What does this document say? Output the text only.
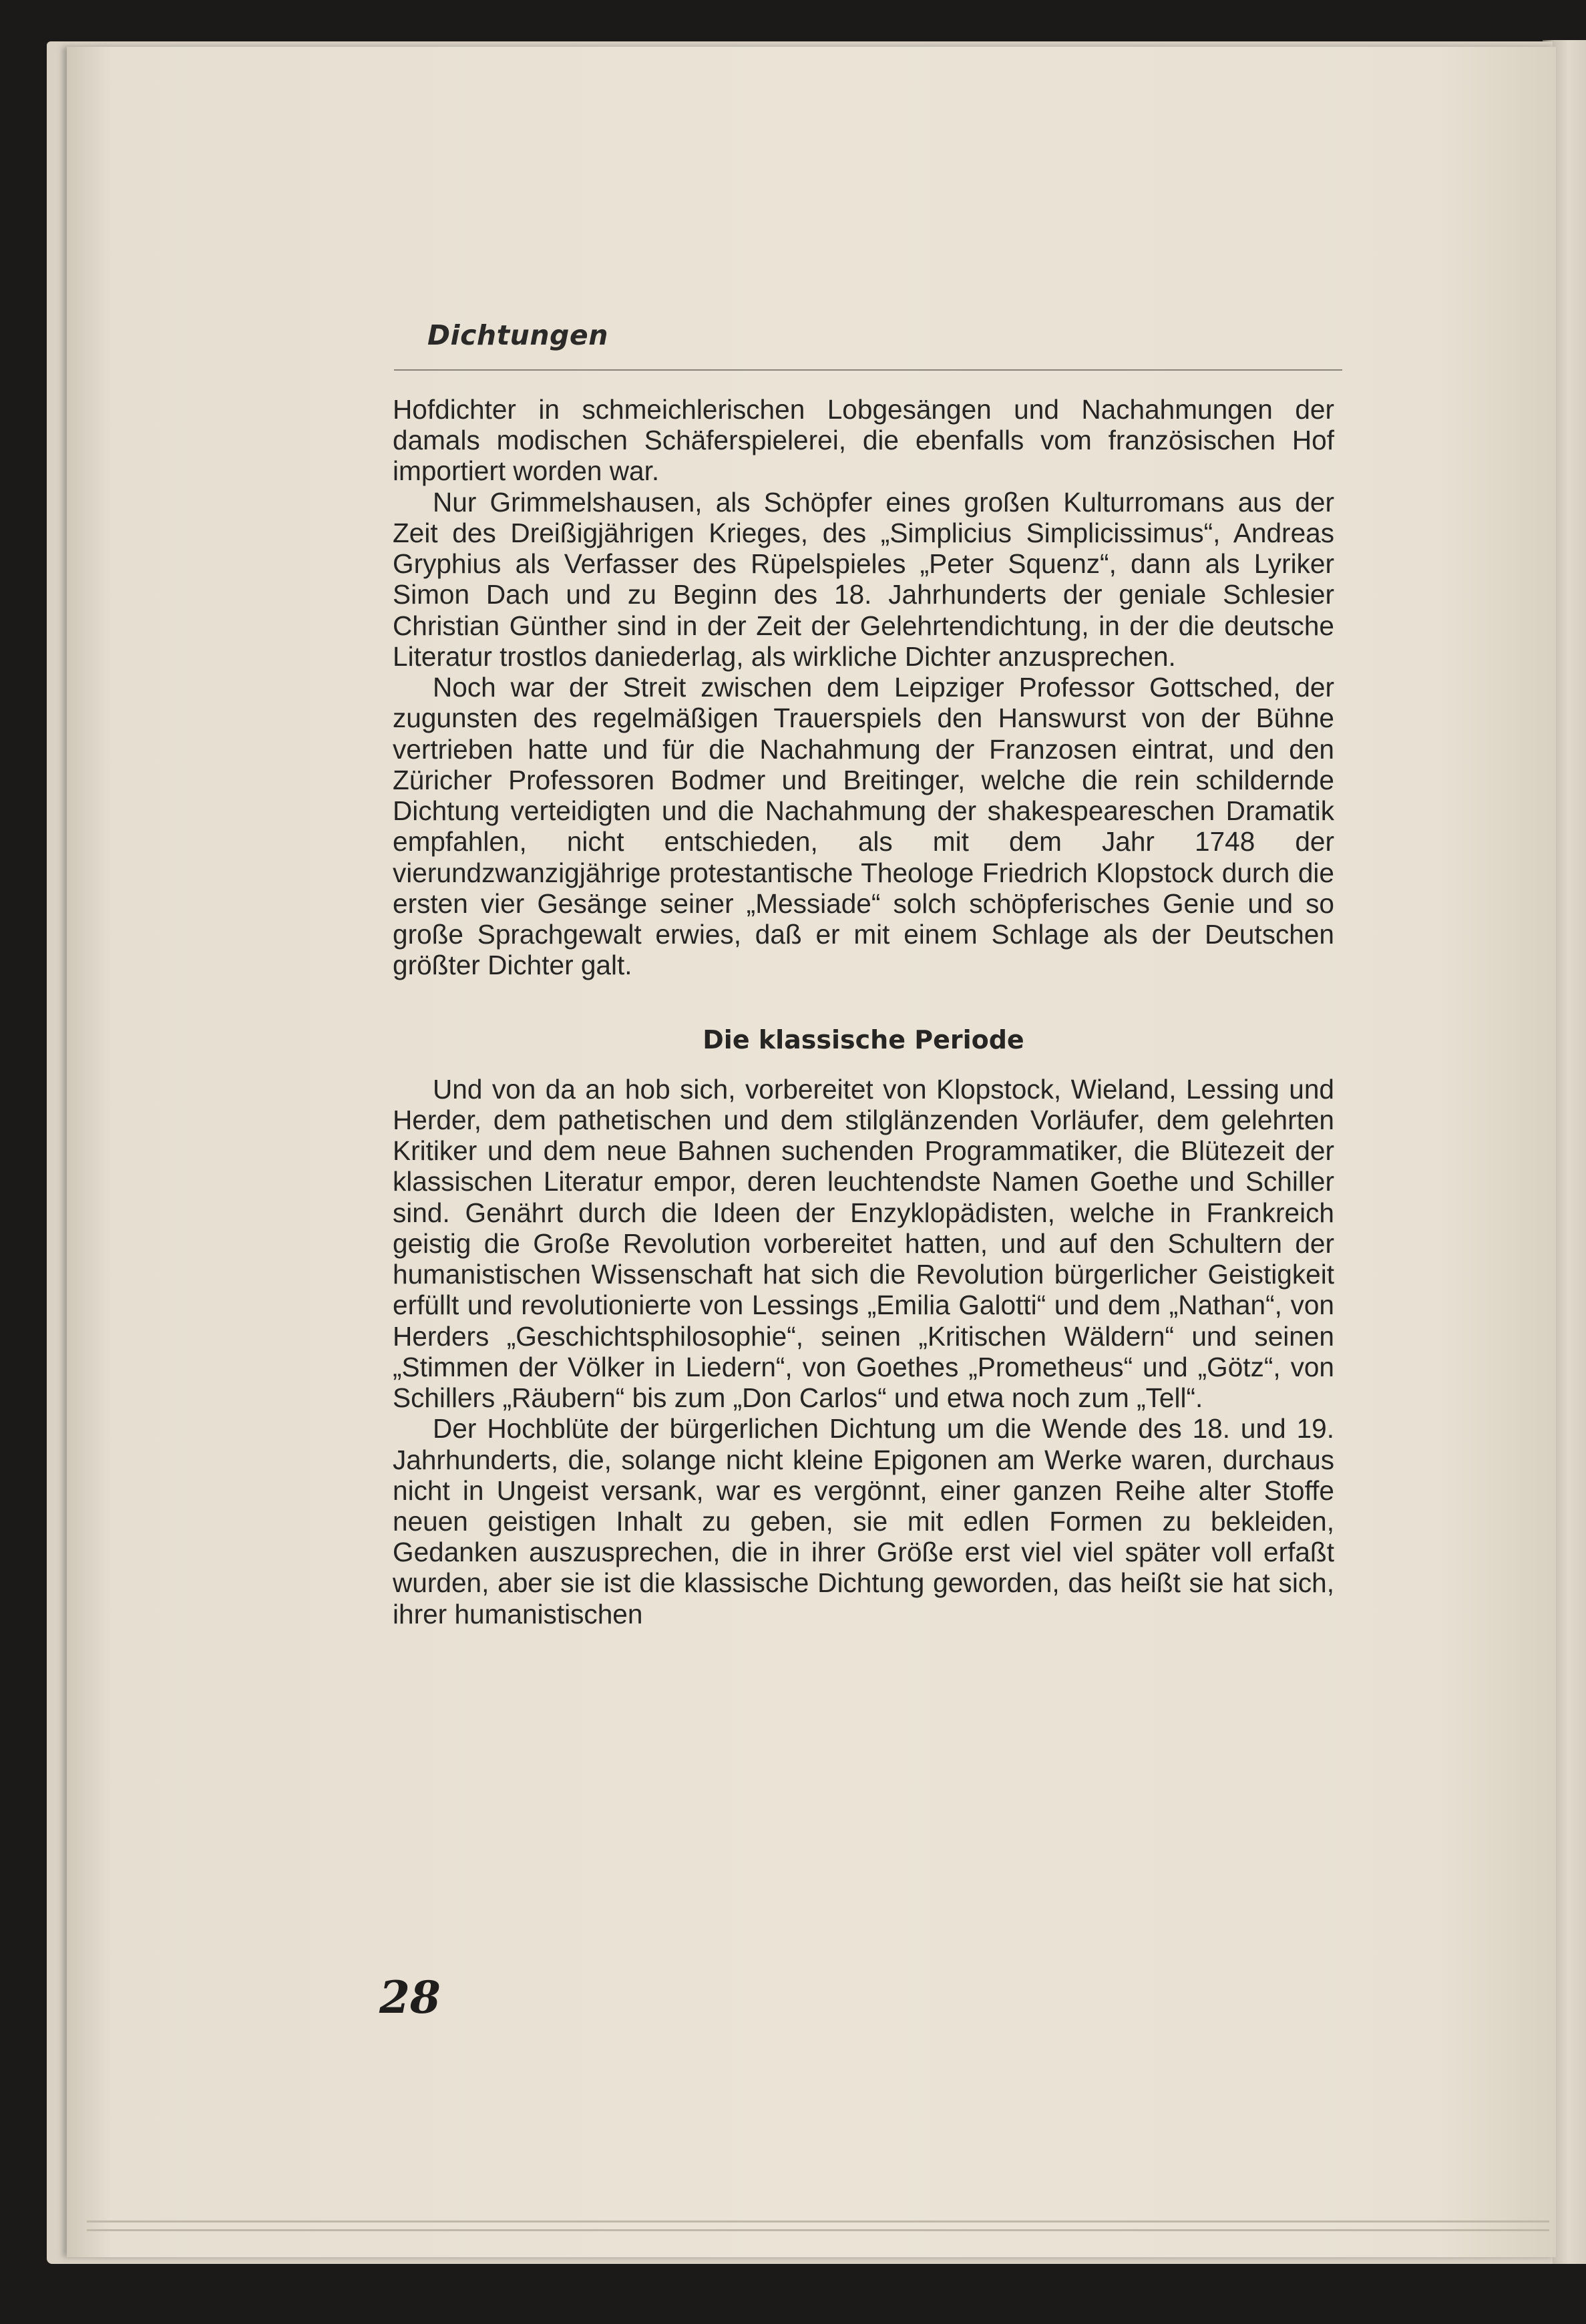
Dichtungen

Hofdichter in schmeichlerischen Lobgesängen und Nachahmungen der damals modischen Schäferspielerei, die ebenfalls vom französischen Hof importiert worden war.

Nur Grimmelshausen, als Schöpfer eines großen Kulturromans aus der Zeit des Dreißigjährigen Krieges, des „Simplicius Simplicissimus“, Andreas Gryphius als Verfasser des Rüpelspieles „Peter Squenz“, dann als Lyriker Simon Dach und zu Beginn des 18. Jahrhunderts der geniale Schlesier Christian Günther sind in der Zeit der Gelehrtendichtung, in der die deutsche Literatur trostlos daniederlag, als wirkliche Dichter anzusprechen.

Noch war der Streit zwischen dem Leipziger Professor Gottsched, der zugunsten des regelmäßigen Trauerspiels den Hanswurst von der Bühne vertrieben hatte und für die Nachahmung der Franzosen eintrat, und den Züricher Professoren Bodmer und Breitinger, welche die rein schildernde Dichtung verteidigten und die Nachahmung der shakespeareschen Dramatik empfahlen, nicht entschieden, als mit dem Jahr 1748 der vierundzwanzigjährige protestantische Theologe Friedrich Klopstock durch die ersten vier Gesänge seiner „Messiade“ solch schöpferisches Genie und so große Sprachgewalt erwies, daß er mit einem Schlage als der Deutschen größter Dichter galt.

Die klassische Periode

Und von da an hob sich, vorbereitet von Klopstock, Wieland, Lessing und Herder, dem pathetischen und dem stilglänzenden Vorläufer, dem gelehrten Kritiker und dem neue Bahnen suchenden Programmatiker, die Blütezeit der klassischen Literatur empor, deren leuchtendste Namen Goethe und Schiller sind. Genährt durch die Ideen der Enzyklopädisten, welche in Frankreich geistig die Große Revolution vorbereitet hatten, und auf den Schultern der humanistischen Wissenschaft hat sich die Revolution bürgerlicher Geistigkeit erfüllt und revolutionierte von Lessings „Emilia Galotti“ und dem „Nathan“, von Herders „Geschichtsphilosophie“, seinen „Kritischen Wäldern“ und seinen „Stimmen der Völker in Liedern“, von Goethes „Prometheus“ und „Götz“, von Schillers „Räubern“ bis zum „Don Carlos“ und etwa noch zum „Tell“.

Der Hochblüte der bürgerlichen Dichtung um die Wende des 18. und 19. Jahrhunderts, die, solange nicht kleine Epigonen am Werke waren, durchaus nicht in Ungeist versank, war es vergönnt, einer ganzen Reihe alter Stoffe neuen geistigen Inhalt zu geben, sie mit edlen Formen zu bekleiden, Gedanken auszusprechen, die in ihrer Größe erst viel viel später voll erfaßt wurden, aber sie ist die klassische Dichtung geworden, das heißt sie hat sich, ihrer humanistischen

28
